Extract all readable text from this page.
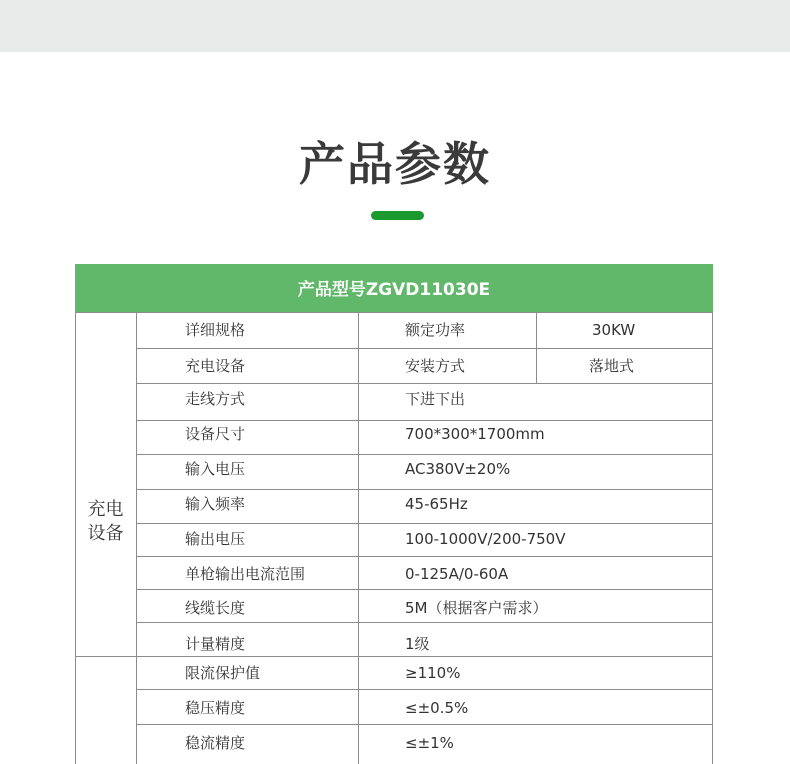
产品参数
产品型号ZGVD11030E
充电
设备
详细规格	额定功率	30KW
充电设备	安装方式	落地式
走线方式	下进下出
设备尺寸	700*300*1700mm
输入电压	AC380V±20%
输入频率	45-65Hz
输出电压	100-1000V/200-750V
单枪输出电流范围	0-125A/0-60A
线缆长度	5M（根据客户需求）
计量精度	1级
限流保护值	≥110%
稳压精度	≤±0.5%
稳流精度	≤±1%
